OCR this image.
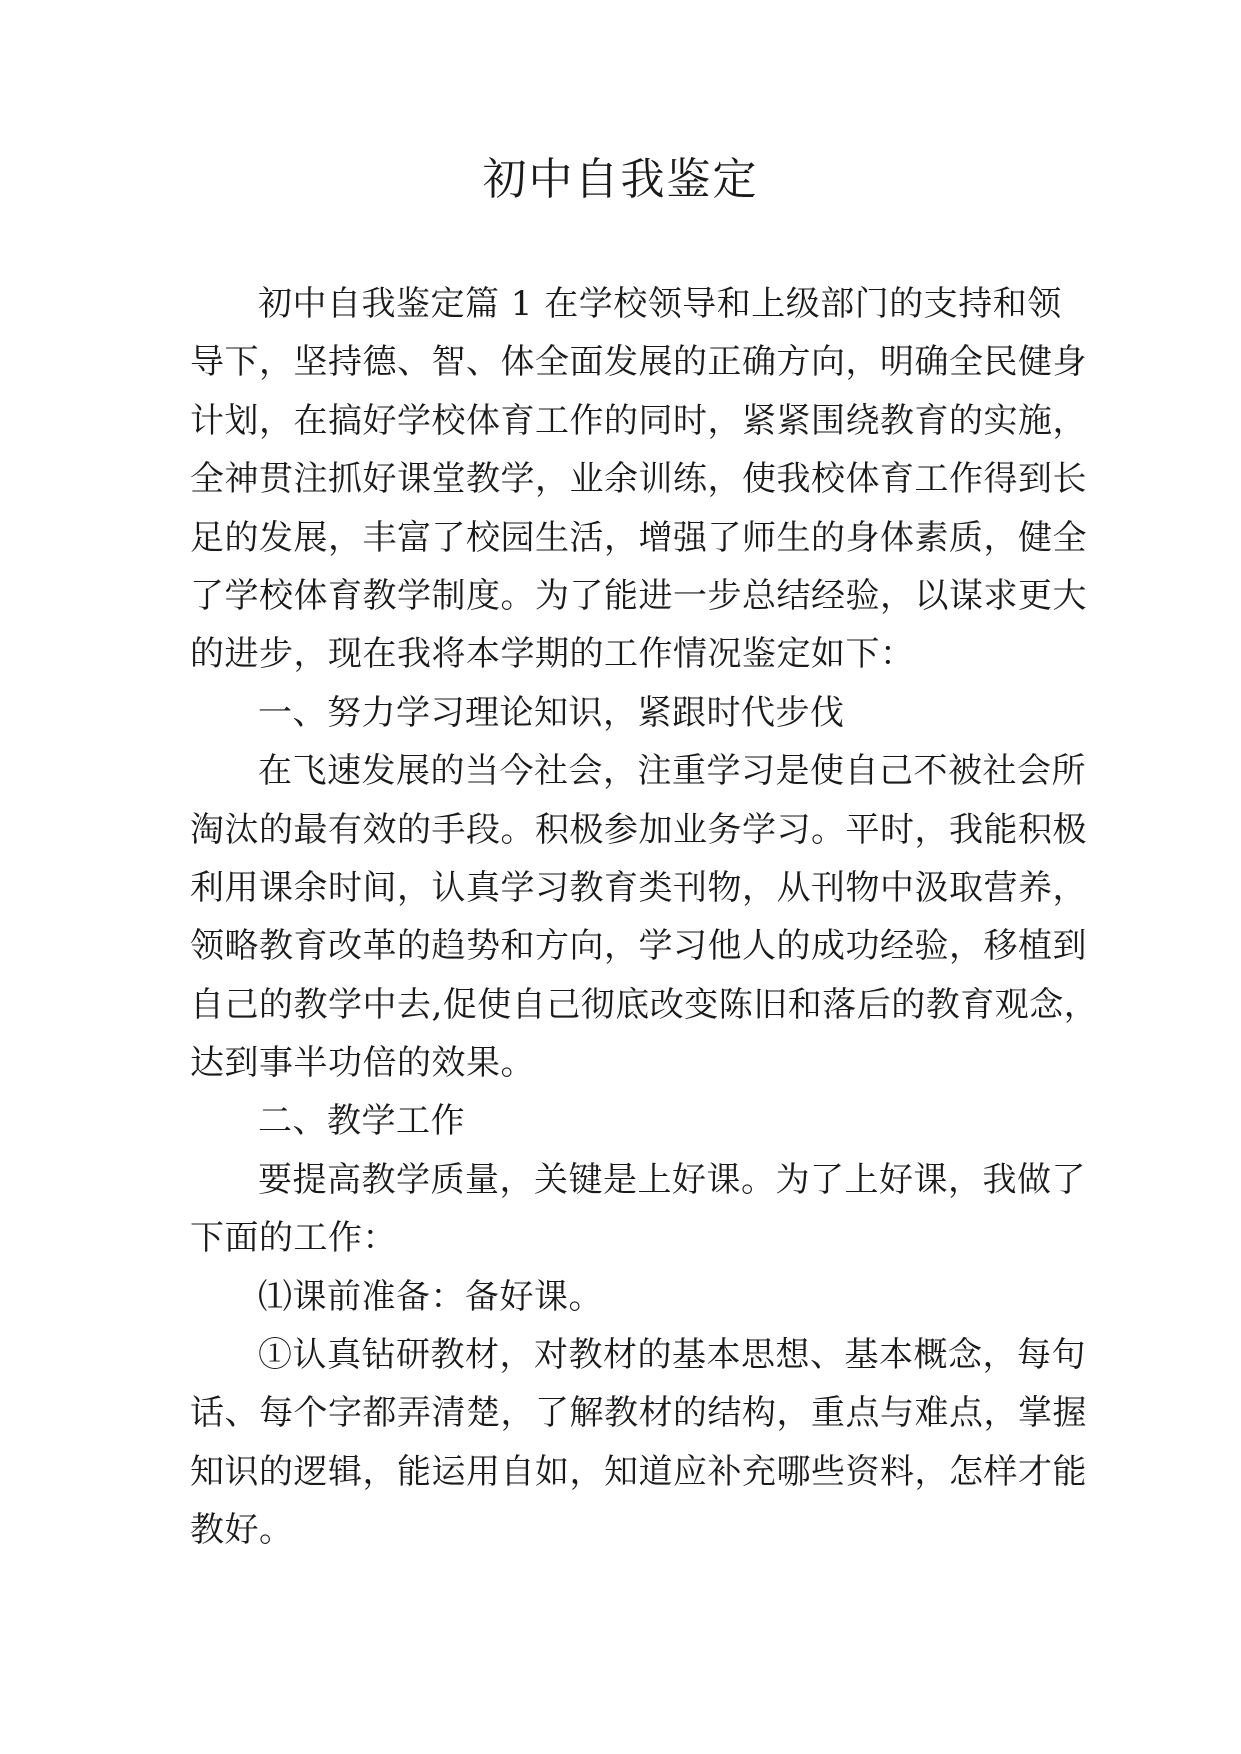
初中自我鉴定
初中自我鉴定篇 1 在学校领导和上级部门的支持和领
导下，坚持德、智、体全面发展的正确方向，明确全民健身
计划，在搞好学校体育工作的同时，紧紧围绕教育的实施，
全神贯注抓好课堂教学，业余训练，使我校体育工作得到长
足的发展，丰富了校园生活，增强了师生的身体素质，健全
了学校体育教学制度。为了能进一步总结经验，以谋求更大
的进步，现在我将本学期的工作情况鉴定如下：
一、努力学习理论知识，紧跟时代步伐
在飞速发展的当今社会，注重学习是使自己不被社会所
淘汰的最有效的手段。积极参加业务学习。平时，我能积极
利用课余时间，认真学习教育类刊物，从刊物中汲取营养，
领略教育改革的趋势和方向，学习他人的成功经验，移植到
自己的教学中去,促使自己彻底改变陈旧和落后的教育观念，
达到事半功倍的效果。
二、教学工作
要提高教学质量，关键是上好课。为了上好课，我做了
下面的工作：
⑴课前准备：备好课。
①认真钻研教材，对教材的基本思想、基本概念，每句
话、每个字都弄清楚，了解教材的结构，重点与难点，掌握
知识的逻辑，能运用自如，知道应补充哪些资料，怎样才能
教好。
